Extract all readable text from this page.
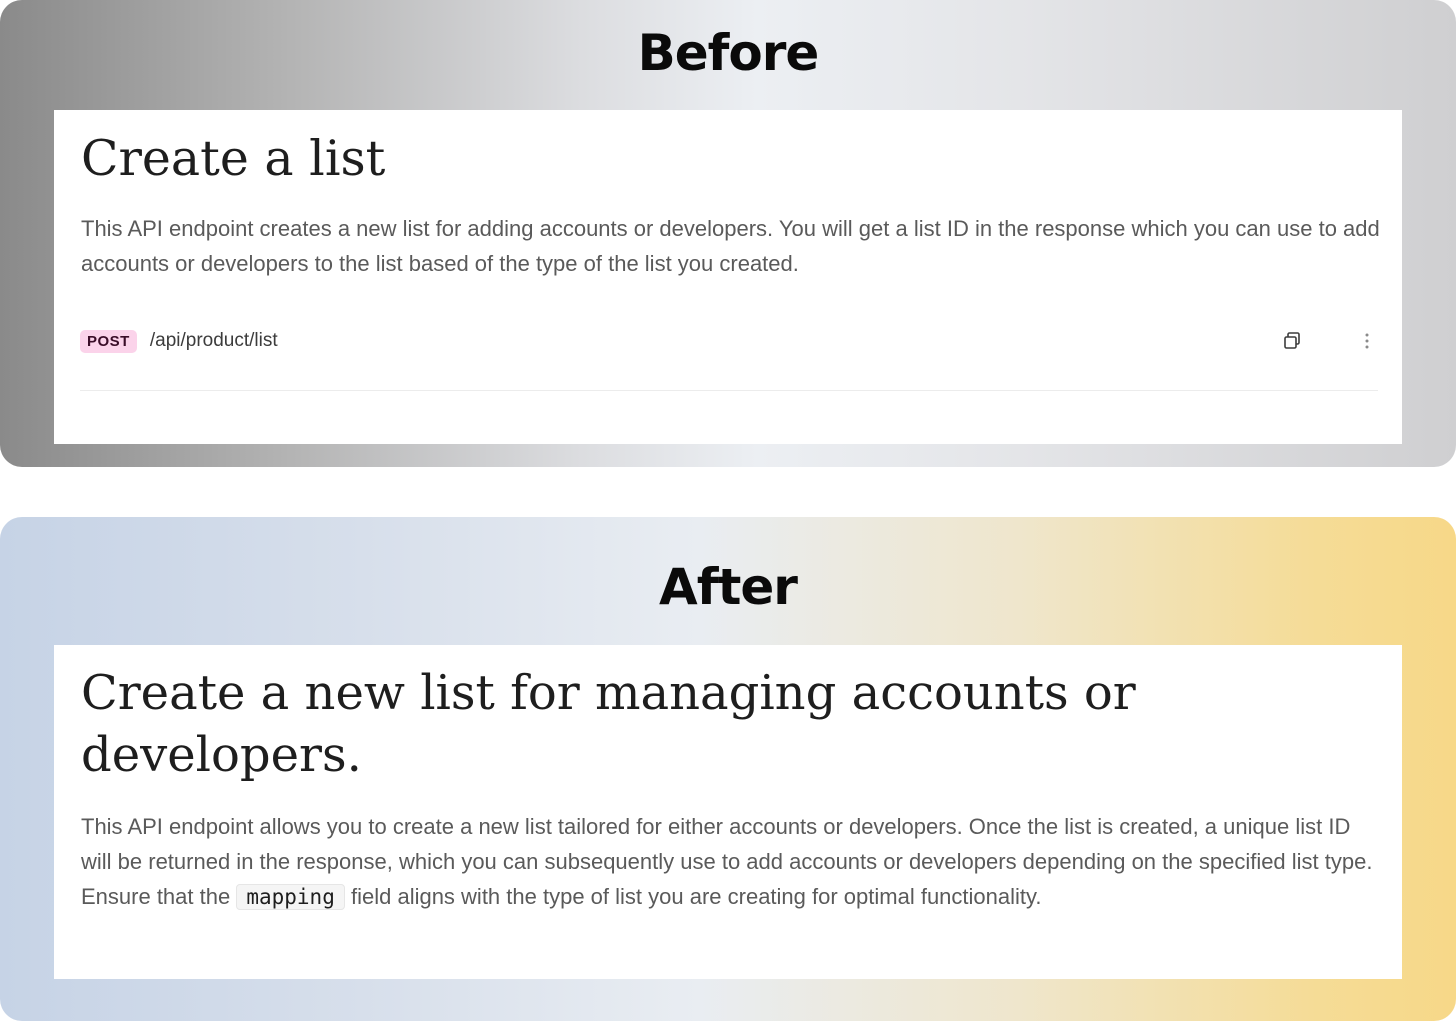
Before
Create a list

This API endpoint creates a new list for adding accounts or developers. You will get a list ID in the response which you can use to add accounts or developers to the list based of the type of the list you created.

POST	/api/product/list
After
Create a new list for managing accounts or developers.

This API endpoint allows you to create a new list tailored for either accounts or developers. Once the list is created, a unique list ID will be returned in the response, which you can subsequently use to add accounts or developers depending on the specified list type. Ensure that the mapping field aligns with the type of list you are creating for optimal functionality.
